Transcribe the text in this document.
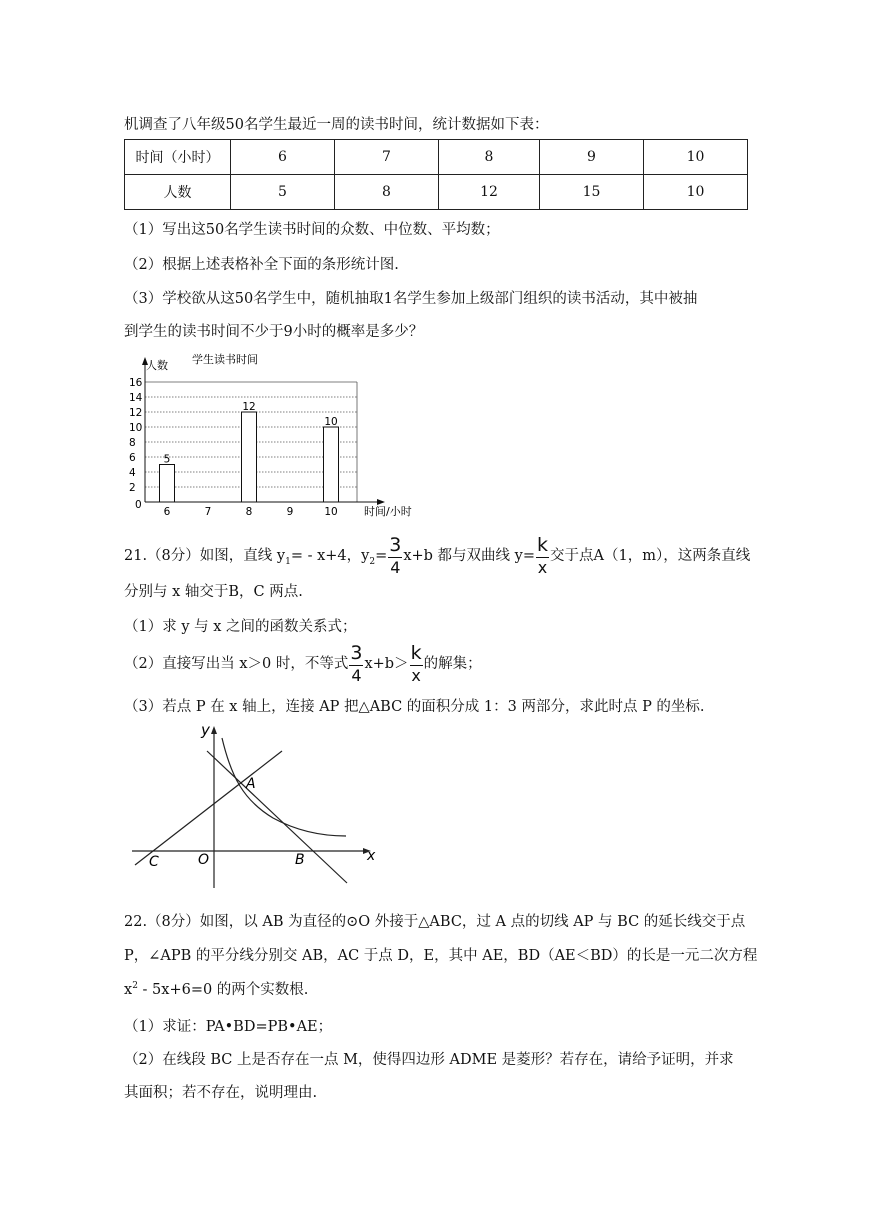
机调查了八年级50名学生最近一周的读书时间，统计数据如下表：
时间（小时）	6	7	8	9	10
人数	5	8	12	15	10
（1）写出这50名学生读书时间的众数、中位数、平均数；
（2）根据上述表格补全下面的条形统计图.
（3）学校欲从这50名学生中，随机抽取1名学生参加上级部门组织的读书活动，其中被抽
到学生的读书时间不少于9小时的概率是多少？
0
2
4
6
8
10
12
14
16
5
12
10
6	7	8	9	10
人数 学生读书时间
时间/小时
21.（8分）如图，直线 $y_1= - x+4$，$y_2= \frac{3}{4} x+b$ 都与双曲线 $y= \frac{k}{x}$ 交于点A（1，m），这两条直线
分别与 x 轴交于B，C 两点.
（1）求 y 与 x 之间的函数关系式；
（2）直接写出当 x＞0 时，不等式 $\frac{3}{4} x+b> \frac{k}{x}$ 的解集；
（3）若点 P 在 x 轴上，连接 AP 把△ABC 的面积分成 1：3 两部分，求此时点 P 的坐标.
y
x
A
B
C	O
22.（8分）如图，以 AB 为直径的⊙O 外接于△ABC，过 A 点的切线 AP 与 BC 的延长线交于点
P，∠APB 的平分线分别交 AB，AC 于点 D，E，其中 AE，BD（AE＜BD）的长是一元二次方程
$x^2 - 5x+6=0$ 的两个实数根.
（1）求证：PA•BD=PB•AE；
（2）在线段 BC 上是否存在一点 M，使得四边形 ADME 是菱形？若存在，请给予证明，并求
其面积；若不存在，说明理由.
